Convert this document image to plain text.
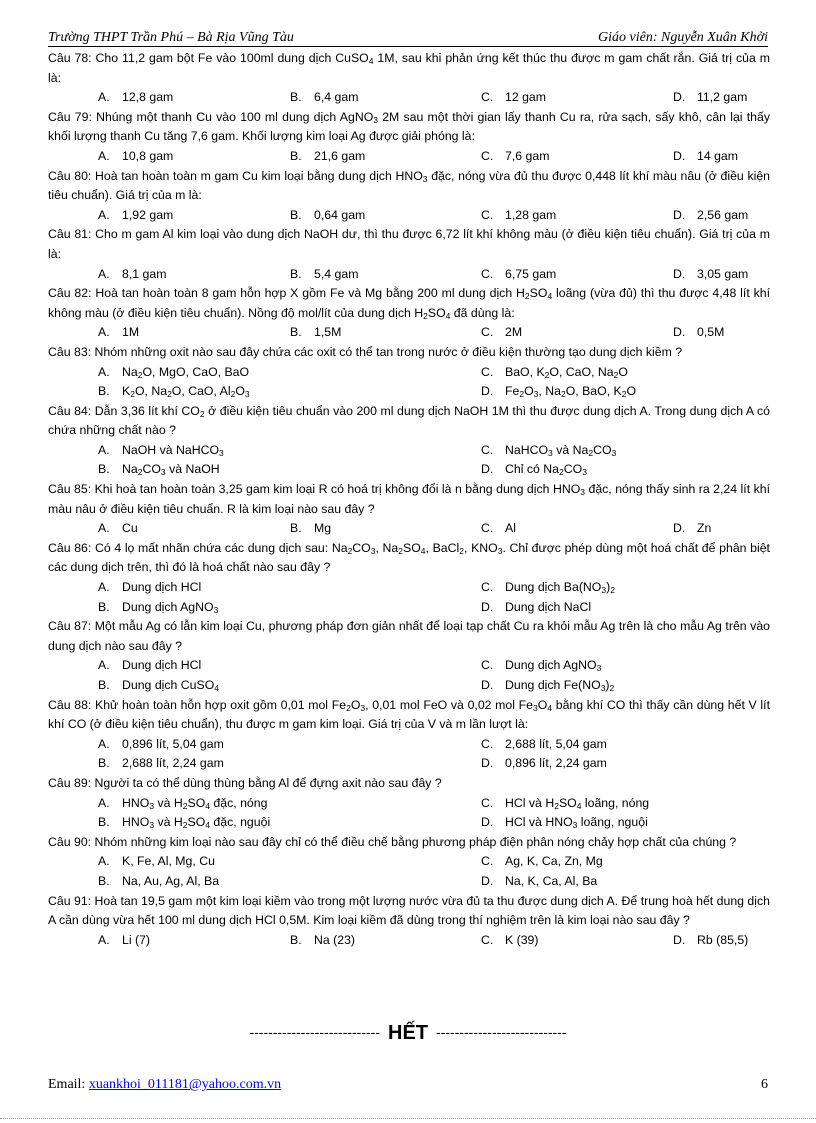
Trường THPT Trần Phú – Bà Rịa Vũng Tàu	Giáo viên: Nguyễn Xuân Khởi

Câu 78: Cho 11,2 gam bột Fe vào 100ml dung dịch CuSO$_4$ 1M, sau khi phản ứng kết thúc thu được m gam chất rắn. Giá trị của m là:

A. 12,8 gam	B. 6,4 gam	C. 12 gam	D. 11,2 gam

Câu 79: Nhúng một thanh Cu vào 100 ml dung dịch AgNO$_3$ 2M sau một thời gian lấy thanh Cu ra, rửa sạch, sấy khô, cân lại thấy khối lượng thanh Cu tăng 7,6 gam. Khối lượng kim loại Ag được giải phóng là:

A. 10,8 gam	B. 21,6 gam	C. 7,6 gam	D. 14 gam

Câu 80: Hoà tan hoàn toàn m gam Cu kim loại bằng dung dịch $HNO_3$ đặc, nóng vừa đủ thu được 0,448 lít khí màu nâu (ở điều kiện tiêu chuẩn). Giá trị của m là:

A. 1,92 gam	B. 0,64 gam	C. 1,28 gam	D. 2,56 gam

Câu 81: Cho m gam Al kim loại vào dung dịch NaOH dư, thì thu được 6,72 lít khí không màu (ở điều kiện tiêu chuẩn). Giá trị của m là:

A. 8,1 gam	B. 5,4 gam	C. 6,75 gam	D. 3,05 gam

Câu 82: Hoà tan hoàn toàn 8 gam hỗn hợp X gồm Fe và Mg bằng 200 ml dung dịch $H_2SO_4$ loãng (vừa đủ) thì thu được 4,48 lít khí không màu (ở điều kiện tiêu chuẩn). Nồng độ mol/lít của dung dịch $H_2SO_4$ đã dùng là:

A. 1M	B. 1,5M	C. 2M	D. 0,5M

Câu 83: Nhóm những oxit nào sau đây chứa các oxit có thể tan trong nước ở điều kiện thường tạo dung dịch kiềm ?

A. $Na_2O$, MgO, CaO, BaO
B. $K_2O$, $Na_2O$, CaO, $Al_2O_3$
C. BaO, $K_2O$, CaO, $Na_2O$
D. $Fe_2O_3$, $Na_2O$, BaO, $K_2O$

Câu 84: Dẫn 3,36 lít khí $CO_2$ ở điều kiện tiêu chuẩn vào 200 ml dung dịch NaOH 1M thì thu được dung dịch A. Trong dung dịch A có chứa những chất nào ?

A. NaOH và NaHCO$_3$
B. $Na_2CO_3$ và NaOH
C. NaHCO$_3$ và $Na_2CO_3$
D. Chỉ có $Na_2CO_3$

Câu 85: Khi hoà tan hoàn toàn 3,25 gam kim loại R có hoá trị không đổi là n bằng dung dịch $HNO_3$ đặc, nóng thấy sinh ra 2,24 lít khí màu nâu ở điều kiện tiêu chuẩn. R là kim loại nào sau đây ?

A. Cu	B. Mg	C. Al	D. Zn

Câu 86: Có 4 lọ mất nhãn chứa các dung dịch sau: $Na_2CO_3$, $Na_2SO_4$, BaCl$_2$, $KNO_3$. Chỉ được phép dùng một hoá chất để phân biệt các dung dịch trên, thì đó là hoá chất nào sau đây ?

A. Dung dịch HCl
B. Dung dịch AgNO$_3$
C. Dung dịch $Ba(NO_3)_2$
D. Dung dịch NaCl

Câu 87: Một mẫu Ag có lẫn kim loại Cu, phương pháp đơn giản nhất để loại tạp chất Cu ra khỏi mẫu Ag trên là cho mẫu Ag trên vào dung dịch nào sau đây ?

A. Dung dịch HCl
B. Dung dịch CuSO$_4$
C. Dung dịch AgNO$_3$
D. Dung dịch $Fe(NO_3)_2$

Câu 88: Khử hoàn toàn hỗn hợp oxit gồm 0,01 mol $Fe_2O_3$, 0,01 mol FeO và 0,02 mol $Fe_3O_4$ bằng khí CO thì thấy cần dùng hết V lít khí CO (ở điều kiện tiêu chuẩn), thu được m gam kim loại. Giá trị của V và m lần lượt là:

A. 0,896 lít, 5,04 gam
B. 2,688 lít, 2,24 gam
C. 2,688 lít, 5,04 gam
D. 0,896 lít, 2,24 gam

Câu 89: Người ta có thể dùng thùng bằng Al để đựng axit nào sau đây ?

A. $HNO_3$ và $H_2SO_4$ đặc, nóng
B. $HNO_3$ và $H_2SO_4$ đặc, nguội
C. HCl và $H_2SO_4$ loãng, nóng
D. HCl và $HNO_3$ loãng, nguội

Câu 90: Nhóm những kim loại nào sau đây chỉ có thể điều chế bằng phương pháp điện phân nóng chảy hợp chất của chúng ?

A. K, Fe, Al, Mg, Cu
B. Na, Au, Ag, Al, Ba
C. Ag, K, Ca, Zn, Mg
D. Na, K, Ca, Al, Ba

Câu 91: Hoà tan 19,5 gam một kim loại kiềm vào trong một lượng nước vừa đủ ta thu được dung dịch A. Để trung hoà hết dung dịch A cần dùng vừa hết 100 ml dung dịch HCl 0,5M. Kim loại kiềm đã dùng trong thí nghiệm trên là kim loại nào sau đây ?

A. Li (7)	B. Na (23)	C. K (39)	D. Rb (85,5)
---------------------------- HẾT ----------------------------
Email: xuankhoi_011181@yahoo.com.vn	6
